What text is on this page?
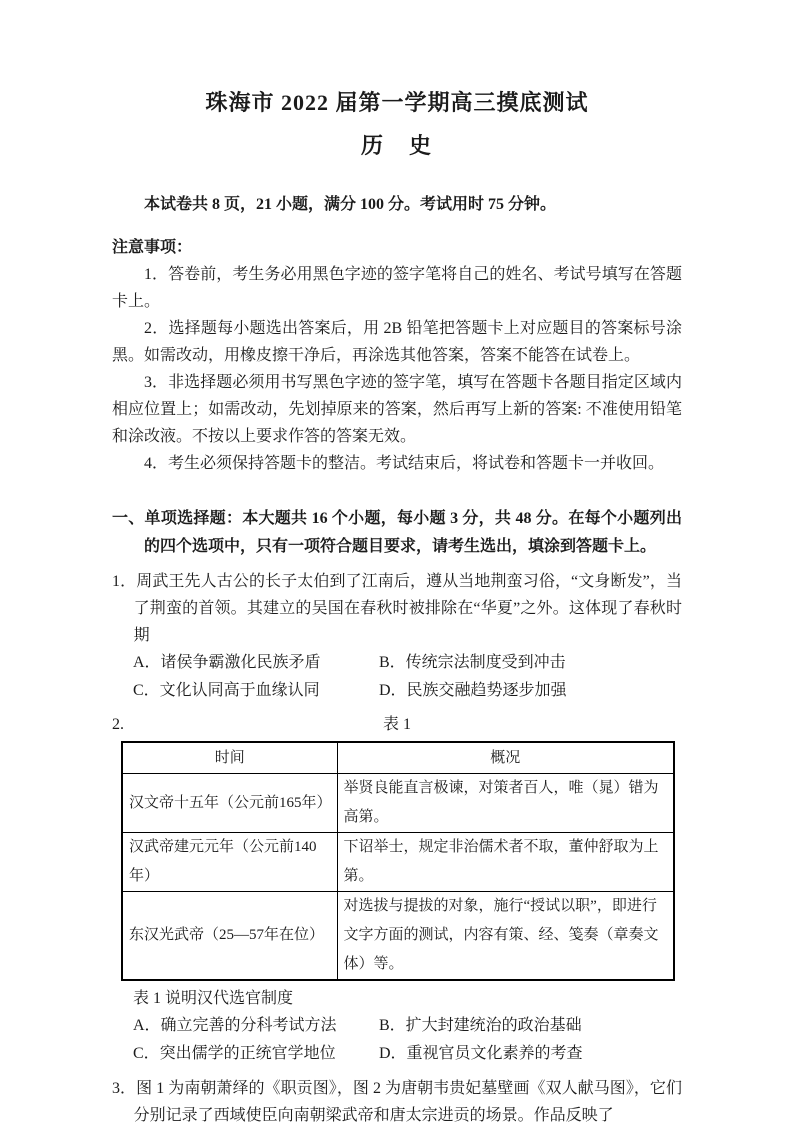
珠海市 2022 届第一学期高三摸底测试
历　史

本试卷共 8 页，21 小题，满分 100 分。考试用时 75 分钟。

注意事项：

1．答卷前，考生务必用黑色字迹的签字笔将自己的姓名、考试号填写在答题卡上。

2．选择题每小题选出答案后，用 2B 铅笔把答题卡上对应题目的答案标号涂黑。如需改动，用橡皮擦干净后，再涂选其他答案，答案不能答在试卷上。

3．非选择题必须用书写黑色字迹的签字笔，填写在答题卡各题目指定区域内相应位置上；如需改动，先划掉原来的答案，然后再写上新的答案: 不准使用铅笔和涂改液。不按以上要求作答的答案无效。

4．考生必须保持答题卡的整洁。考试结束后，将试卷和答题卡一并收回。

一、单项选择题：本大题共 16 个小题，每小题 3 分，共 48 分。在每个小题列出的四个选项中，只有一项符合题目要求，请考生选出，填涂到答题卡上。
1．周武王先人古公的长子太伯到了江南后，遵从当地荆蛮习俗，“文身断发”，当了荆蛮的首领。其建立的吴国在春秋时被排除在“华夏”之外。这体现了春秋时期
A．诸侯争霸激化民族矛盾	B．传统宗法制度受到冲击
C．文化认同高于血缘认同	D．民族交融趋势逐步加强
2.	表 1
时间	概况
汉文帝十五年（公元前165年）	举贤良能直言极谏，对策者百人，唯（晁）错为高第。
汉武帝建元元年（公元前140年）	下诏举士，规定非治儒术者不取，董仲舒取为上第。
东汉光武帝（25—57年在位）	对选拔与提拔的对象，施行“授试以职”，即进行文字方面的测试，内容有策、经、笺奏（章奏文体）等。
表 1 说明汉代选官制度
A．确立完善的分科考试方法	B．扩大封建统治的政治基础
C．突出儒学的正统官学地位	D．重视官员文化素养的考查
3．图 1 为南朝萧绎的《职贡图》，图 2 为唐朝韦贵妃墓壁画《双人献马图》，它们分别记录了西域使臣向南朝梁武帝和唐太宗进贡的场景。作品反映了
